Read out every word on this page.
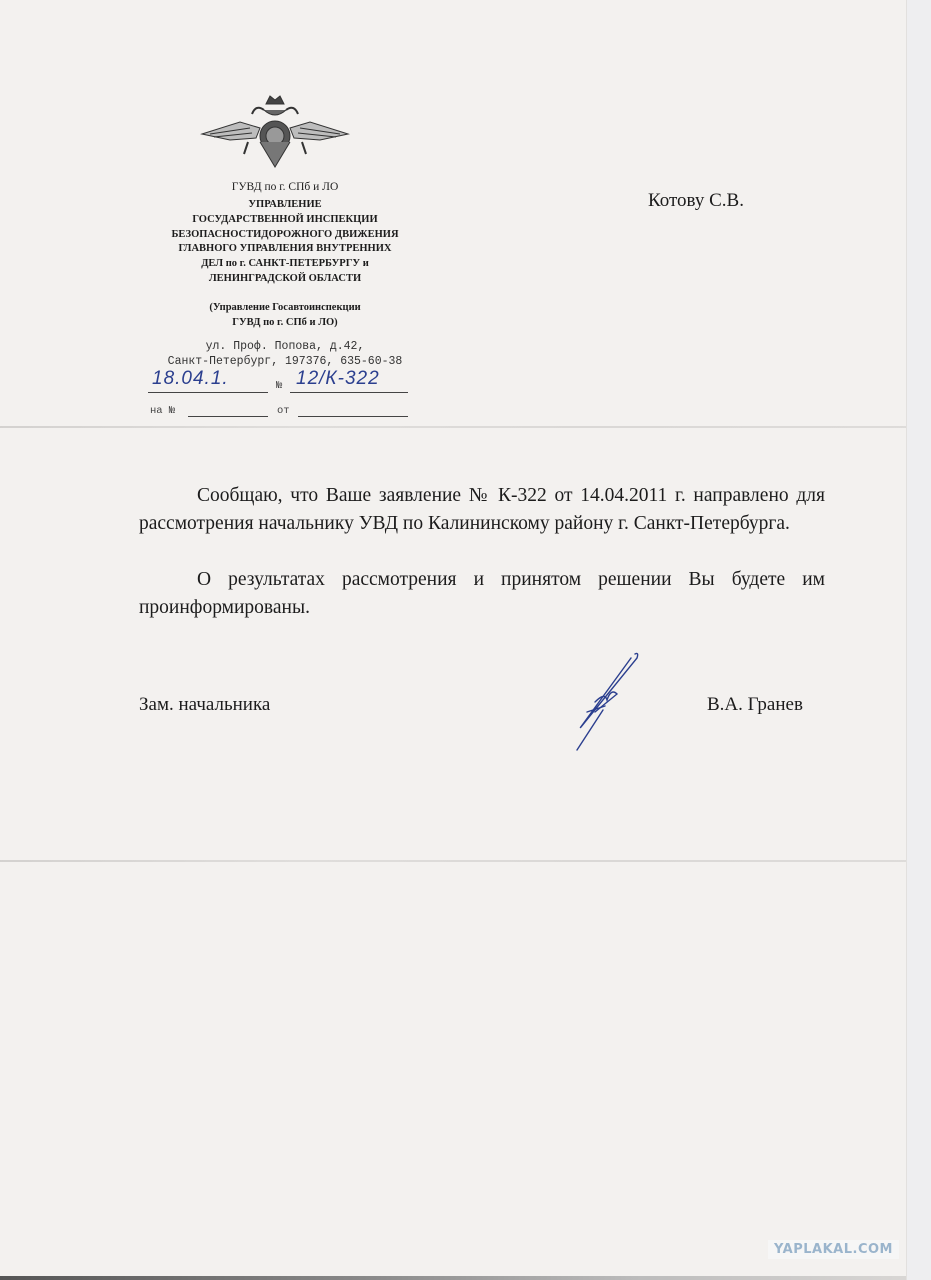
ГУВД по г. СПб и ЛО
УПРАВЛЕНИЕ
ГОСУДАРСТВЕННОЙ ИНСПЕКЦИИ
БЕЗОПАСНОСТИДОРОЖНОГО ДВИЖЕНИЯ
ГЛАВНОГО УПРАВЛЕНИЯ ВНУТРЕННИХ
ДЕЛ по г. САНКТ-ПЕТЕРБУРГУ и
ЛЕНИНГРАДСКОЙ ОБЛАСТИ
(Управление Госавтоинспекции
ГУВД по г. СПб и ЛО)
ул. Проф. Попова, д.42,
Санкт-Петербург, 197376, 635-60-38
18.04.1.	№ 12/К-322
на №	от
Котову С.В.
Сообщаю, что Ваше заявление № К-322 от 14.04.2011 г. направлено для рассмотрения начальнику УВД по Калининскому району г. Санкт-Петербурга.
О результатах рассмотрения и принятом решении Вы будете им проинформированы.
Зам. начальника	В.А. Гранев
YAPLAKAL.COM
